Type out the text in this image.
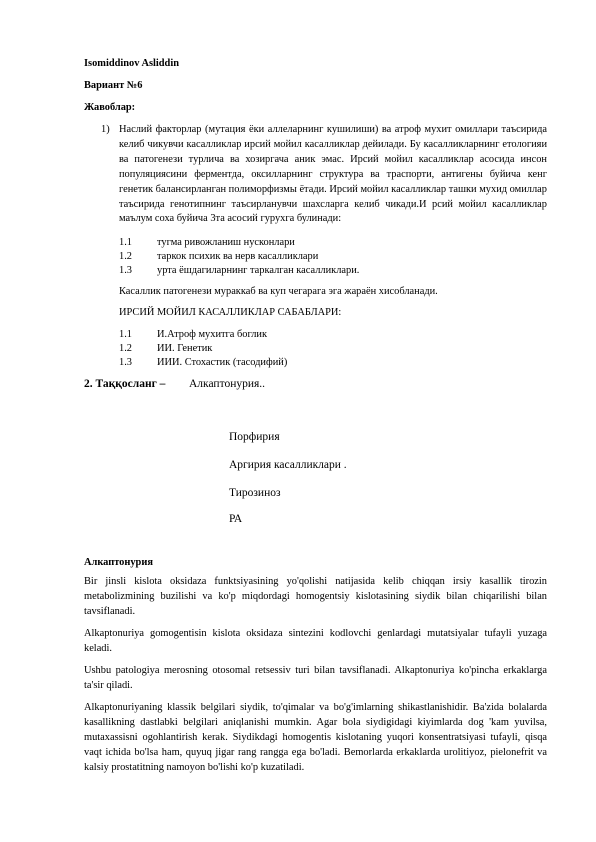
Isomiddinov Asliddin
Вариант №6
Жавоблар:
1) Наслий факторлар (мутация ёки аллеларнинг кушилиши) ва атроф мухит омиллари таъсирида келиб чикувчи касалликлар ирсий мойил касалликлар дейилади. Бу касалликларнинг етологияи ва патогенези турлича ва хозиргача аник эмас. Ирсий мойил касалликлар асосида инсон популяциясини ферментда, оксилларнинг структура ва траспорти, антигены буйича кенг генетик балансирланган полиморфизмы ётади. Ирсий мойил касалликлар ташки мухид омиллар таъсирида генотипнинг таъсирланувчи шахсларга келиб чикади.И рсий мойил касалликлар маълум соха буйича 3та асосий гурухга булинади:
1.1 тугма ривожланиш нусконлари
1.2 таркок психик ва нерв касалликлари
1.3 урта ёшдагиларнинг таркалган касалликлари.
Касаллик патогенези мураккаб ва куп чегарага эга жараён хисобланади.
ИРСИЙ МОЙИЛ КАСАЛЛИКЛАР САБАБЛАРИ:
1.1 И.Атроф мухитга боглик
1.2 ИИ. Генетик
1.3 ИИИ. Стохастик (тасодифий)
2. Таққосланг – Алкаптонурия..
Порфирия
Аргирия касалликлари .
Тирозиноз
РА
Алкаптонурия
Bir jinsli kislota oksidaza funktsiyasining yo'qolishi natijasida kelib chiqqan irsiy kasallik tirozin metabolizmining buzilishi va ko'p miqdordagi homogentsiy kislotasining siydik bilan chiqarilishi bilan tavsiflanadi.
Alkaptonuriya gomogentisin kislota oksidaza sintezini kodlovchi genlardagi mutatsiyalar tufayli yuzaga keladi.
Ushbu patologiya merosning otosomal retsessiv turi bilan tavsiflanadi. Alkaptonuriya ko'pincha erkaklarga ta'sir qiladi.
Alkaptonuriyaning klassik belgilari siydik, to'qimalar va bo'g'imlarning shikastlanishidir. Ba'zida bolalarda kasallikning dastlabki belgilari aniqlanishi mumkin. Agar bola siydigidagi kiyimlarda dog 'kam yuvilsa, mutaxassisni ogohlantirish kerak. Siydikdagi homogentis kislotaning yuqori konsentratsiyasi tufayli, qisqa vaqt ichida bo'lsa ham, quyuq jigar rang rangga ega bo'ladi. Bemorlarda erkaklarda urolitiyoz, pielonefrit va kalsiy prostatitning namoyon bo'lishi ko'p kuzatiladi.
